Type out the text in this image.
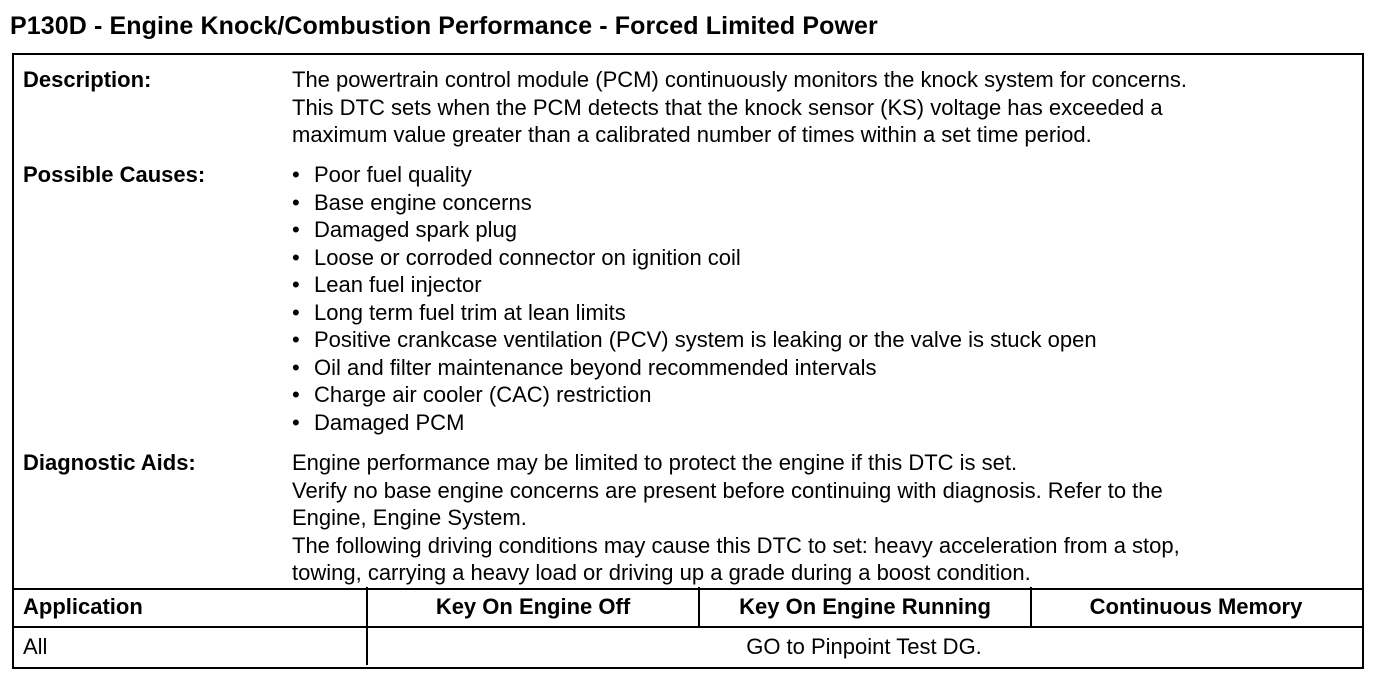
P130D - Engine Knock/Combustion Performance - Forced Limited Power
Description:	The powertrain control module (PCM) continuously monitors the knock system for concerns.
This DTC sets when the PCM detects that the knock sensor (KS) voltage has exceeded a
maximum value greater than a calibrated number of times within a set time period.
Possible Causes:
•	Poor fuel quality
• Base engine concerns
• Damaged spark plug
• Loose or corroded connector on ignition coil
• Lean fuel injector
• Long term fuel trim at lean limits
• Positive crankcase ventilation (PCV) system is leaking or the valve is stuck open
• Oil and filter maintenance beyond recommended intervals
• Charge air cooler (CAC) restriction
• Damaged PCM
Diagnostic Aids:	Engine performance may be limited to protect the engine if this DTC is set.
Verify no base engine concerns are present before continuing with diagnosis. Refer to the
Engine, Engine System.
The following driving conditions may cause this DTC to set: heavy acceleration from a stop,
towing, carrying a heavy load or driving up a grade during a boost condition.
Application	Key On Engine Off	Key On Engine Running	Continuous Memory
All	GO to Pinpoint Test DG.
